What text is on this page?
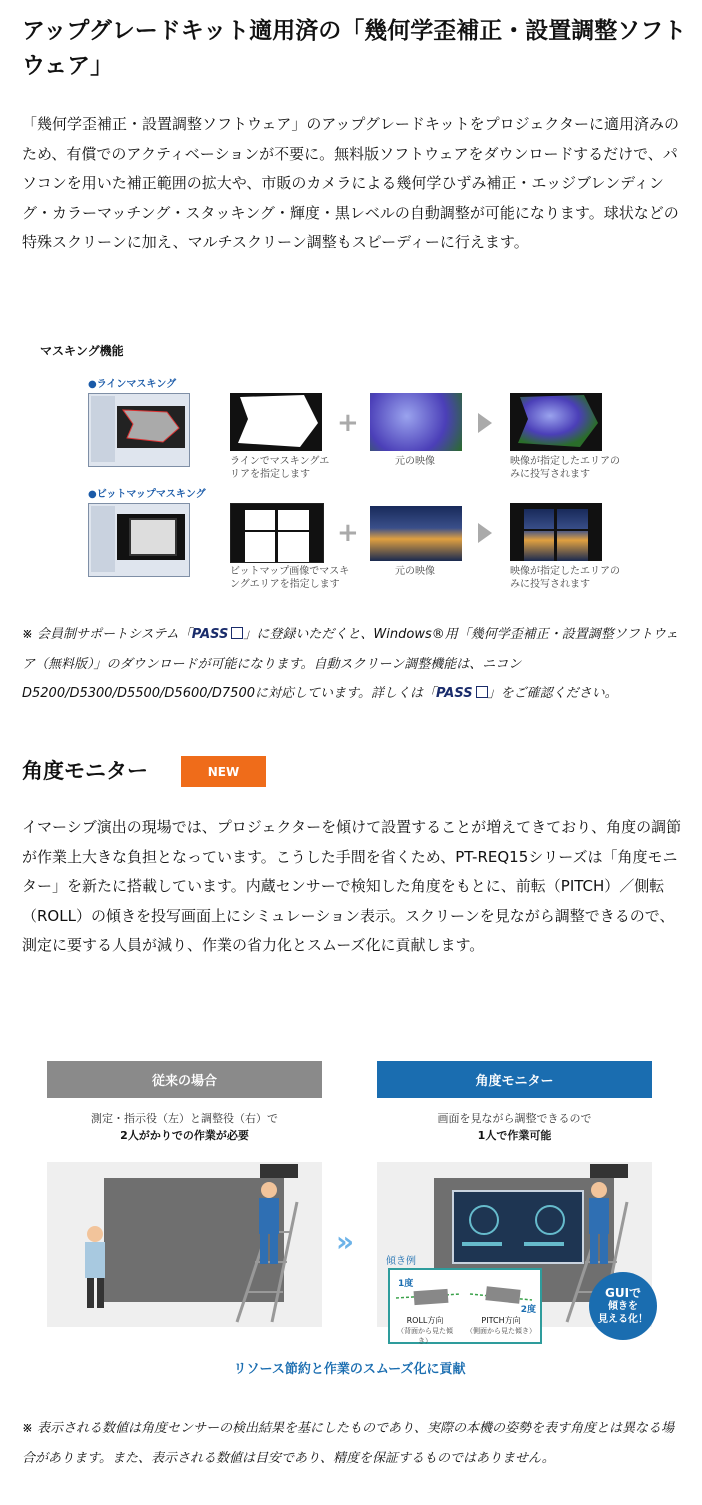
アップグレードキット適用済の「幾何学歪補正・設置調整ソフトウェア」
「幾何学歪補正・設置調整ソフトウェア」のアップグレードキットをプロジェクターに適用済みのため、有償でのアクティベーションが不要に。無料版ソフトウェアをダウンロードするだけで、パソコンを用いた補正範囲の拡大や、市販のカメラによる幾何学ひずみ補正・エッジブレンディング・カラーマッチング・スタッキング・輝度・黒レベルの自動調整が可能になります。球状などの特殊スクリーンに加え、マルチスクリーン調整もスピーディーに行えます。
マスキング機能
●ラインマスキング
ラインでマスキングエリアを指定します
+
元の映像	映像が指定したエリアのみに投写されます
●ビットマップマスキング
ビットマップ画像でマスキングエリアを指定します
+
元の映像	映像が指定したエリアのみに投写されます
※ 会員制サポートシステム「PASS 」に登録いただくと、Windows®用「幾何学歪補正・設置調整ソフトウェア（無料版）」のダウンロードが可能になります。自動スクリーン調整機能は、ニコンD5200/D5300/D5500/D5600/D7500に対応しています。詳しくは「PASS 」をご確認ください。
角度モニター	NEW
イマーシブ演出の現場では、プロジェクターを傾けて設置することが増えてきており、角度の調節が作業上大きな負担となっています。こうした手間を省くため、PT-REQ15シリーズは「角度モニター」を新たに搭載しています。内蔵センサーで検知した角度をもとに、前転（PITCH）／側転（ROLL）の傾きを投写画面上にシミュレーション表示。スクリーンを見ながら調整できるので、測定に要する人員が減り、作業の省力化とスムーズ化に貢献します。
従来の場合	角度モニター
測定・指示役（左）と調整役（右）で
2人がかりでの作業が必要
画面を見ながら調整できるので
1人で作業可能
»
傾き例
1度
2度
ROLL方向
（背面から見た傾き）
PITCH方向
（側面から見た傾き）
GUIで
傾きを
見える化！
リソース節約と作業のスムーズ化に貢献
※ 表示される数値は角度センサーの検出結果を基にしたものであり、実際の本機の姿勢を表す角度とは異なる場合があります。また、表示される数値は目安であり、精度を保証するものではありません。
